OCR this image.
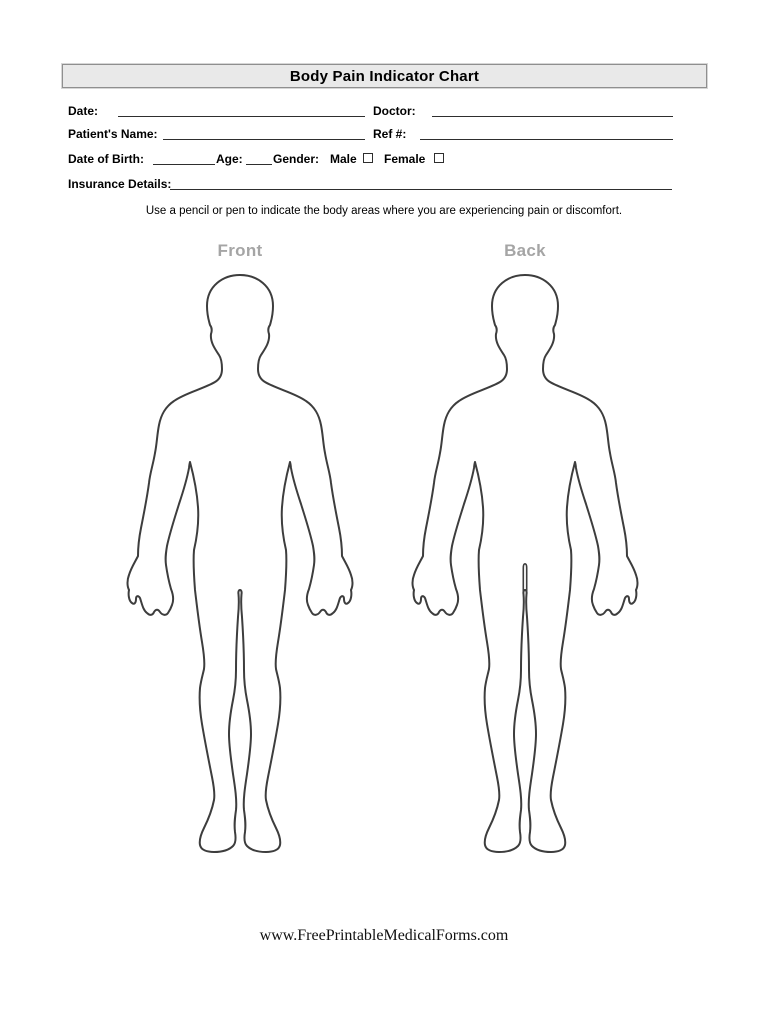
Body Pain Indicator Chart
Date:	Doctor:
Patient's Name:	Ref #:
Date of Birth:	Age:	Gender: Male Female
Insurance Details:
Use a pencil or pen to indicate the body areas where you are experiencing pain or discomfort.
Front	Back
www.FreePrintableMedicalForms.com
